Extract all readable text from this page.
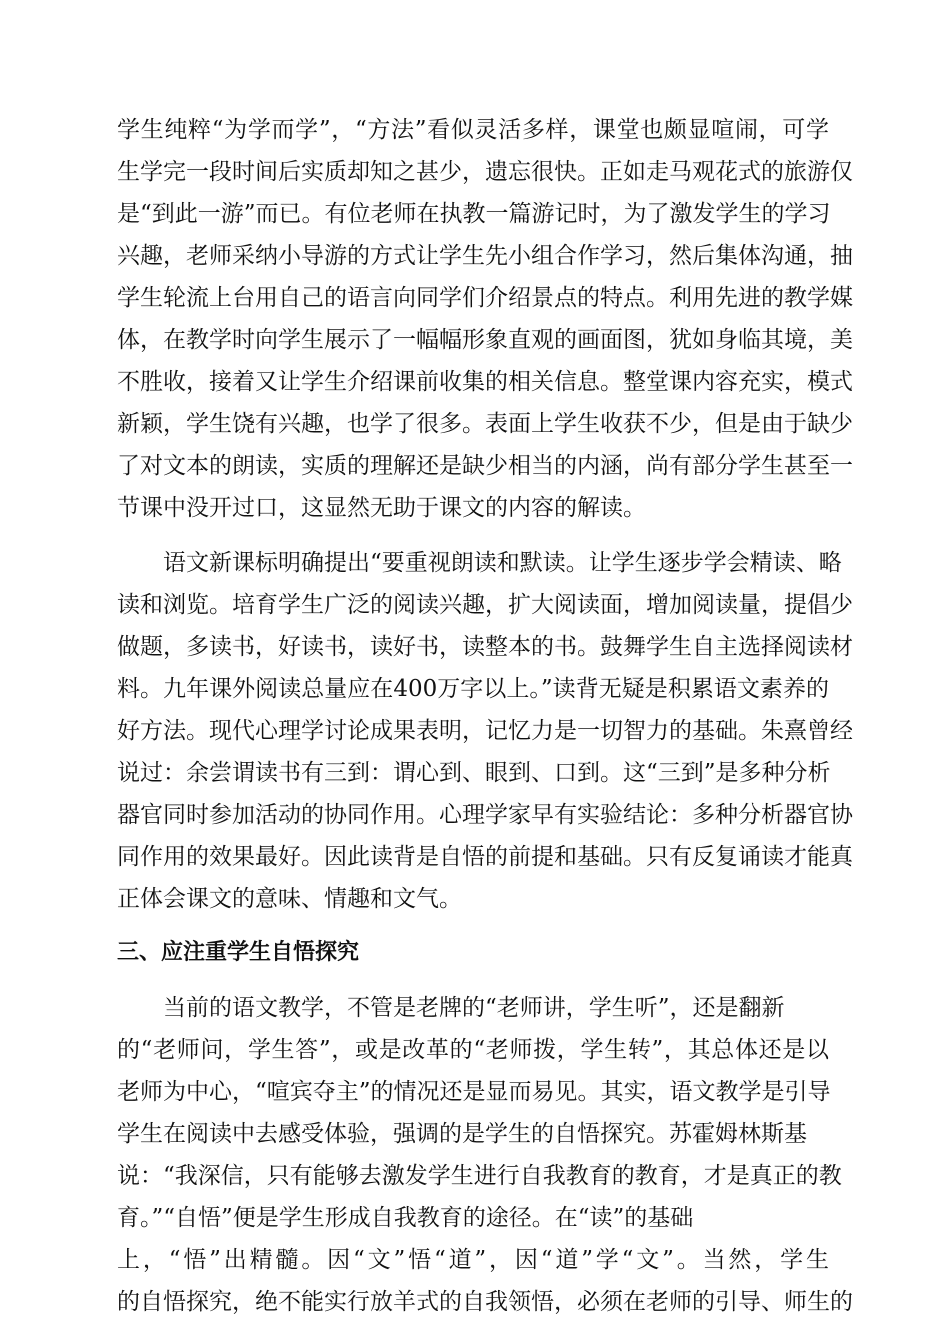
学生纯粹“为学而学”，“方法”看似灵活多样，课堂也颇显喧闹，可学
生学完一段时间后实质却知之甚少，遗忘很快。正如走马观花式的旅游仅
是“到此一游”而已。有位老师在执教一篇游记时，为了激发学生的学习
兴趣，老师采纳小导游的方式让学生先小组合作学习，然后集体沟通，抽
学生轮流上台用自己的语言向同学们介绍景点的特点。利用先进的教学媒
体，在教学时向学生展示了一幅幅形象直观的画面图，犹如身临其境，美
不胜收，接着又让学生介绍课前收集的相关信息。整堂课内容充实，模式
新颖，学生饶有兴趣，也学了很多。表面上学生收获不少，但是由于缺少
了对文本的朗读，实质的理解还是缺少相当的内涵，尚有部分学生甚至一
节课中没开过口，这显然无助于课文的内容的解读。
语文新课标明确提出“要重视朗读和默读。让学生逐步学会精读、略
读和浏览。培育学生广泛的阅读兴趣，扩大阅读面，增加阅读量，提倡少
做题，多读书，好读书，读好书，读整本的书。鼓舞学生自主选择阅读材
料。九年课外阅读总量应在400万字以上。”读背无疑是积累语文素养的
好方法。现代心理学讨论成果表明，记忆力是一切智力的基础。朱熹曾经
说过：余尝谓读书有三到：谓心到、眼到、口到。这“三到”是多种分析
器官同时参加活动的协同作用。心理学家早有实验结论：多种分析器官协
同作用的效果最好。因此读背是自悟的前提和基础。只有反复诵读才能真
正体会课文的意味、情趣和文气。
三、应注重学生自悟探究
当前的语文教学，不管是老牌的“老师讲，学生听”，还是翻新
的“老师问，学生答”，或是改革的“老师拨，学生转”，其总体还是以
老师为中心，“喧宾夺主”的情况还是显而易见。其实，语文教学是引导
学生在阅读中去感受体验，强调的是学生的自悟探究。苏霍姆林斯基
说：“我深信，只有能够去激发学生进行自我教育的教育，才是真正的教
育。”“自悟”便是学生形成自我教育的途径。在“读”的基础
上，“悟”出精髓。因“文”悟“道”，因“道”学“文”。当然，学生
的自悟探究，绝不能实行放羊式的自我领悟，必须在老师的引导、师生的
